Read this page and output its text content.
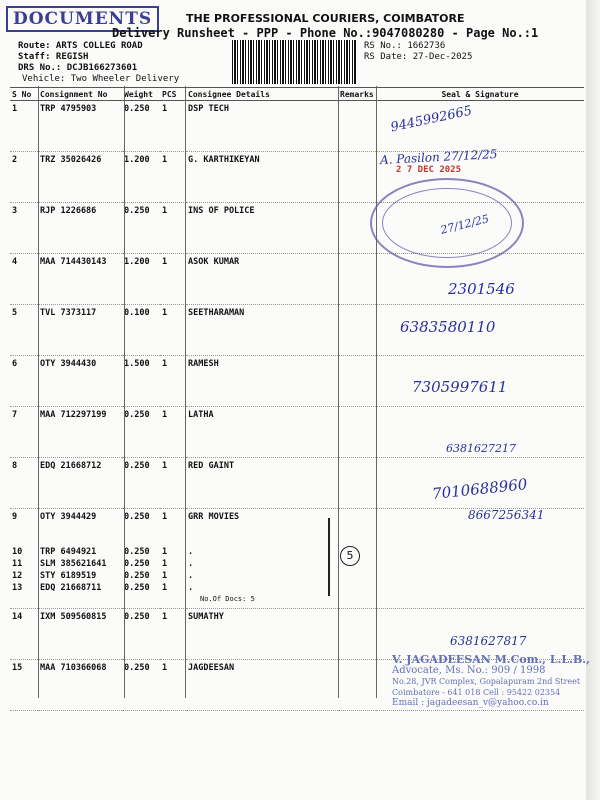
DOCUMENTS	THE PROFESSIONAL COURIERS, COIMBATORE
Delivery Runsheet - PPP - Phone No.:9047080280 - Page No.:1
Route: ARTS COLLEG ROAD
Staff: REGISH
DRS No.: DCJB166273601
Vehicle: Two Wheeler Delivery
RS No.: 1662736
RS Date: 27-Dec-2025
S No	Consignment No	Weight	PCS	Consignee Details	Remarks	Seal & Signature
1	TRP 4795903	0.250	1	DSP TECH		
2	TRZ 35026426	1.200	1	G. KARTHIKEYAN		
3	RJP 1226686	0.250	1	INS OF POLICE		
4	MAA 714430143	1.200	1	ASOK KUMAR		
5	TVL 7373117	0.100	1	SEETHARAMAN		
6	OTY 3944430	1.500	1	RAMESH		
7	MAA 712297199	0.250	1	LATHA		
8	EDQ 21668712	0.250	1	RED GAINT		
9	OTY 3944429	0.250	1	GRR MOVIES		
10	TRP 6494921	0.250	1	.		
11	SLM 385621641	0.250	1	.		
12	STY 6189519	0.250	1	.		
13	EDQ 21668711	0.250	1	.		
				No.Of Docs: 5		
14	IXM 509560815	0.250	1	SUMATHY		
15	MAA 710366068	0.250	1	JAGDEESAN		
5
9445992665
A. Pasilon 27/12/25
2 7 DEC 2025
27/12/25
2301546
6383580110
7305997611
6381627217
7010688960
8667256341
6381627817
V. JAGADEESAN M.Com., L.L.B.,
Advocate, Ms. No.: 909 / 1998
No.28, JVR Complex, Gopalapuram 2nd Street
Coimbatore - 641 018 Cell : 95422 02354
Email : jagadeesan_v@yahoo.co.in
